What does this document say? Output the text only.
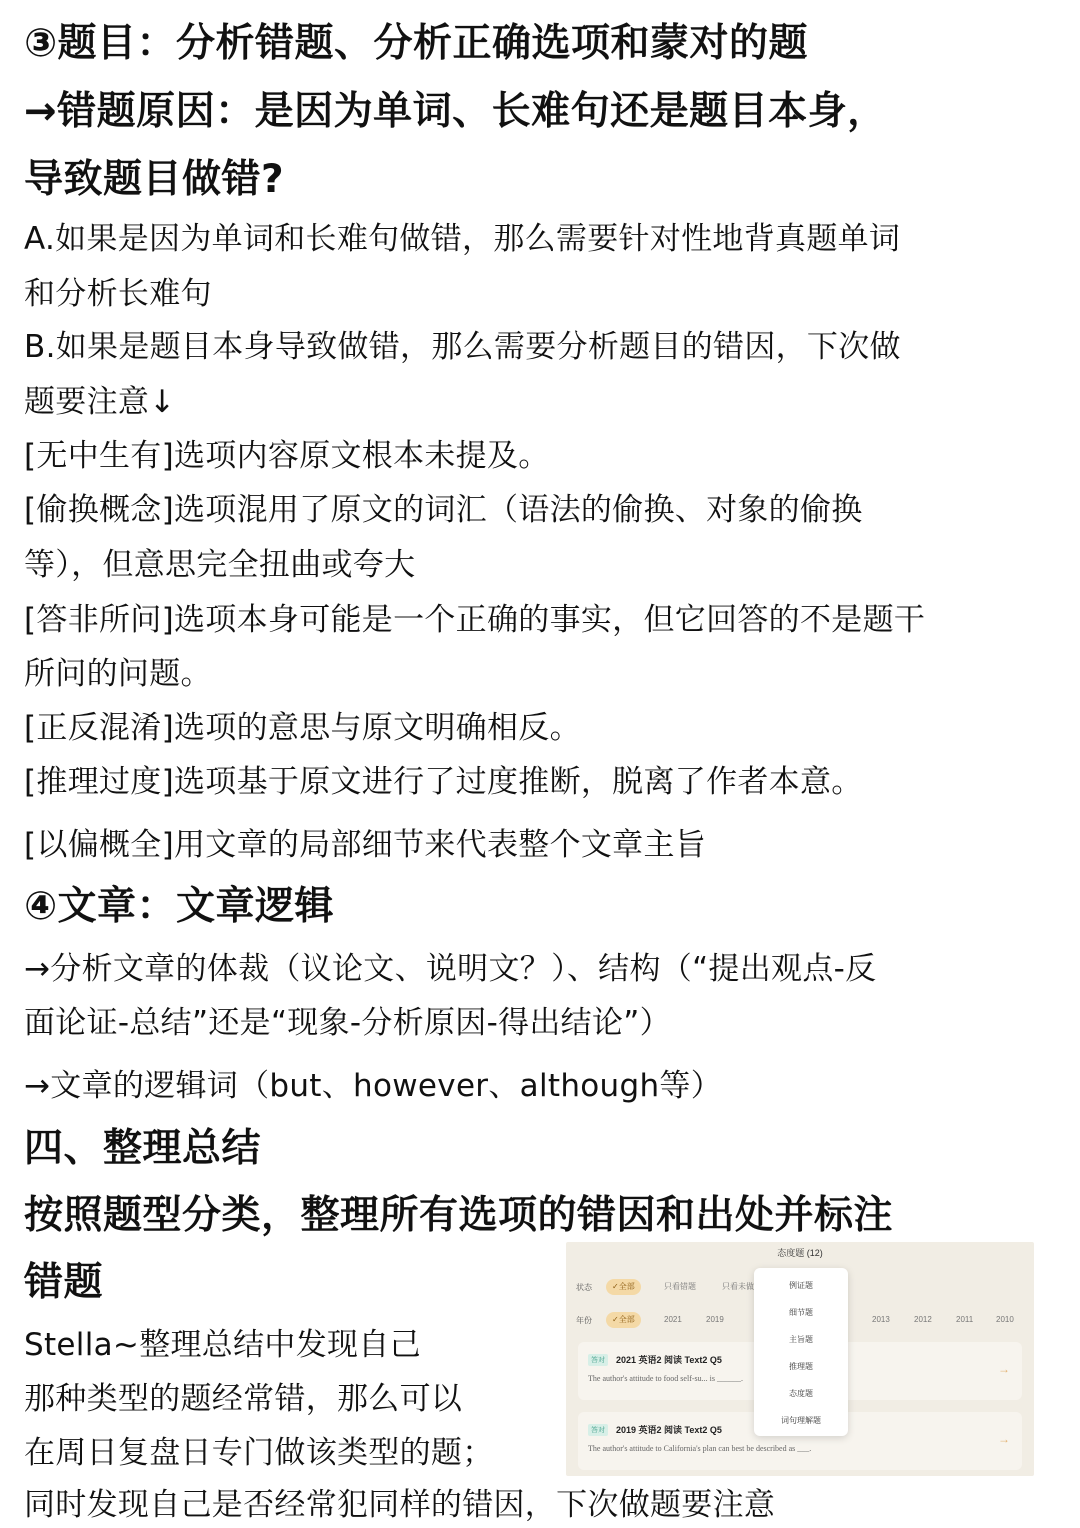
③题目：分析错题、分析正确选项和蒙对的题
→错题原因：是因为单词、长难句还是题目本身，
导致题目做错?
A.如果是因为单词和长难句做错，那么需要针对性地背真题单词
和分析长难句
B.如果是题目本身导致做错，那么需要分析题目的错因，下次做
题要注意↓
[无中生有]选项内容原文根本未提及。
[偷换概念]选项混用了原文的词汇（语法的偷换、对象的偷换
等），但意思完全扭曲或夸大
[答非所问]选项本身可能是一个正确的事实，但它回答的不是题干
所问的问题。
[正反混淆]选项的意思与原文明确相反。
[推理过度]选项基于原文进行了过度推断，脱离了作者本意。
[以偏概全]用文章的局部细节来代表整个文章主旨
④文章：文章逻辑
→分析文章的体裁（议论文、说明文？）、结构（“提出观点-反
面论证-总结”还是“现象-分析原因-得出结论”）
→文章的逻辑词（but、however、although等）
四、整理总结
按照题型分类，整理所有选项的错因和出处并标注
错题
Stella~整理总结中发现自己
那种类型的题经常错，那么可以
在周日复盘日专门做该类型的题；
同时发现自己是否经常犯同样的错因，下次做题要注意
态度题 (12)
状态	✓全部	只看错题	只看未做
年份	✓全部	2021	2019	2013	2012	2011	2010
答对	2021 英语2 阅读 Text2 Q5
The author's attitude to food self-su... is ______.
→
答对	2019 英语2 阅读 Text2 Q5
The author's attitude to California's plan can best be described as ___.
→
例证题
细节题
主旨题
推理题
态度题
词句理解题
